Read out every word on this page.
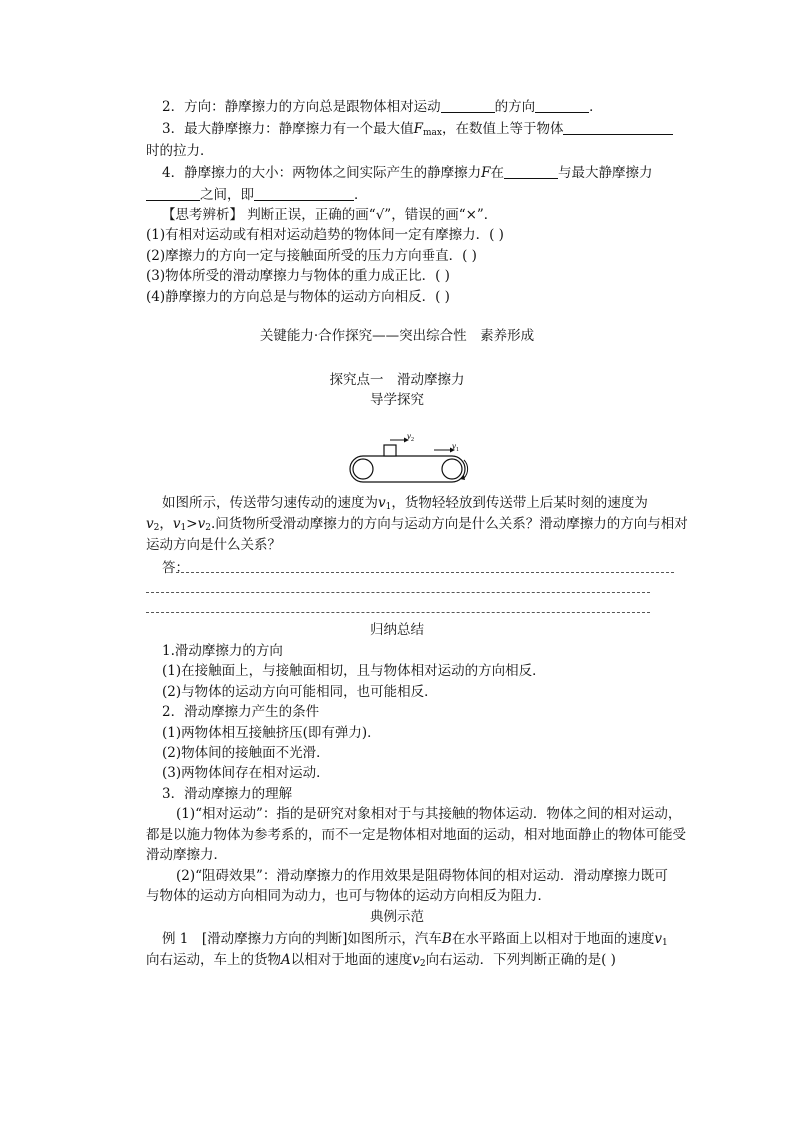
2．方向：静摩擦力的方向总是跟物体相对运动	的方向	．
3．最大静摩擦力：静摩擦力有一个最大值$F_{max}$，在数值上等于物体
时的拉力．
4．静摩擦力的大小：两物体之间实际产生的静摩擦力F在	与最大静摩擦力
之间，即	．
【思考辨析】 判断正误，正确的画“√”，错误的画“×”．
(1)有相对运动或有相对运动趋势的物体间一定有摩擦力．( )
(2)摩擦力的方向一定与接触面所受的压力方向垂直．( )
(3)物体所受的滑动摩擦力与物体的重力成正比．( )
(4)静摩擦力的方向总是与物体的运动方向相反．( )
关键能力·合作探究——突出综合性　素养形成
探究点一　滑动摩擦力
导学探究
$v_2$
$v_1$
如图所示，传送带匀速传动的速度为$v_1$，货物轻轻放到传送带上后某时刻的速度为
$v_2$，$v_1>v_2$.问货物所受滑动摩擦力的方向与运动方向是什么关系？滑动摩擦力的方向与相对
运动方向是什么关系？
答：
归纳总结
1.滑动摩擦力的方向
(1)在接触面上，与接触面相切，且与物体相对运动的方向相反．
(2)与物体的运动方向可能相同，也可能相反．
2．滑动摩擦力产生的条件
(1)两物体相互接触挤压(即有弹力)．
(2)物体间的接触面不光滑．
(3)两物体间存在相对运动．
3．滑动摩擦力的理解
(1)“相对运动”：指的是研究对象相对于与其接触的物体运动．物体之间的相对运动，
都是以施力物体为参考系的，而不一定是物体相对地面的运动，相对地面静止的物体可能受
滑动摩擦力．
(2)“阻碍效果”：滑动摩擦力的作用效果是阻碍物体间的相对运动．滑动摩擦力既可
与物体的运动方向相同为动力，也可与物体的运动方向相反为阻力．
典例示范
例 1　[滑动摩擦力方向的判断]如图所示，汽车B在水平路面上以相对于地面的速度$v_1$
向右运动，车上的货物A以相对于地面的速度$v_2$向右运动．下列判断正确的是( )
